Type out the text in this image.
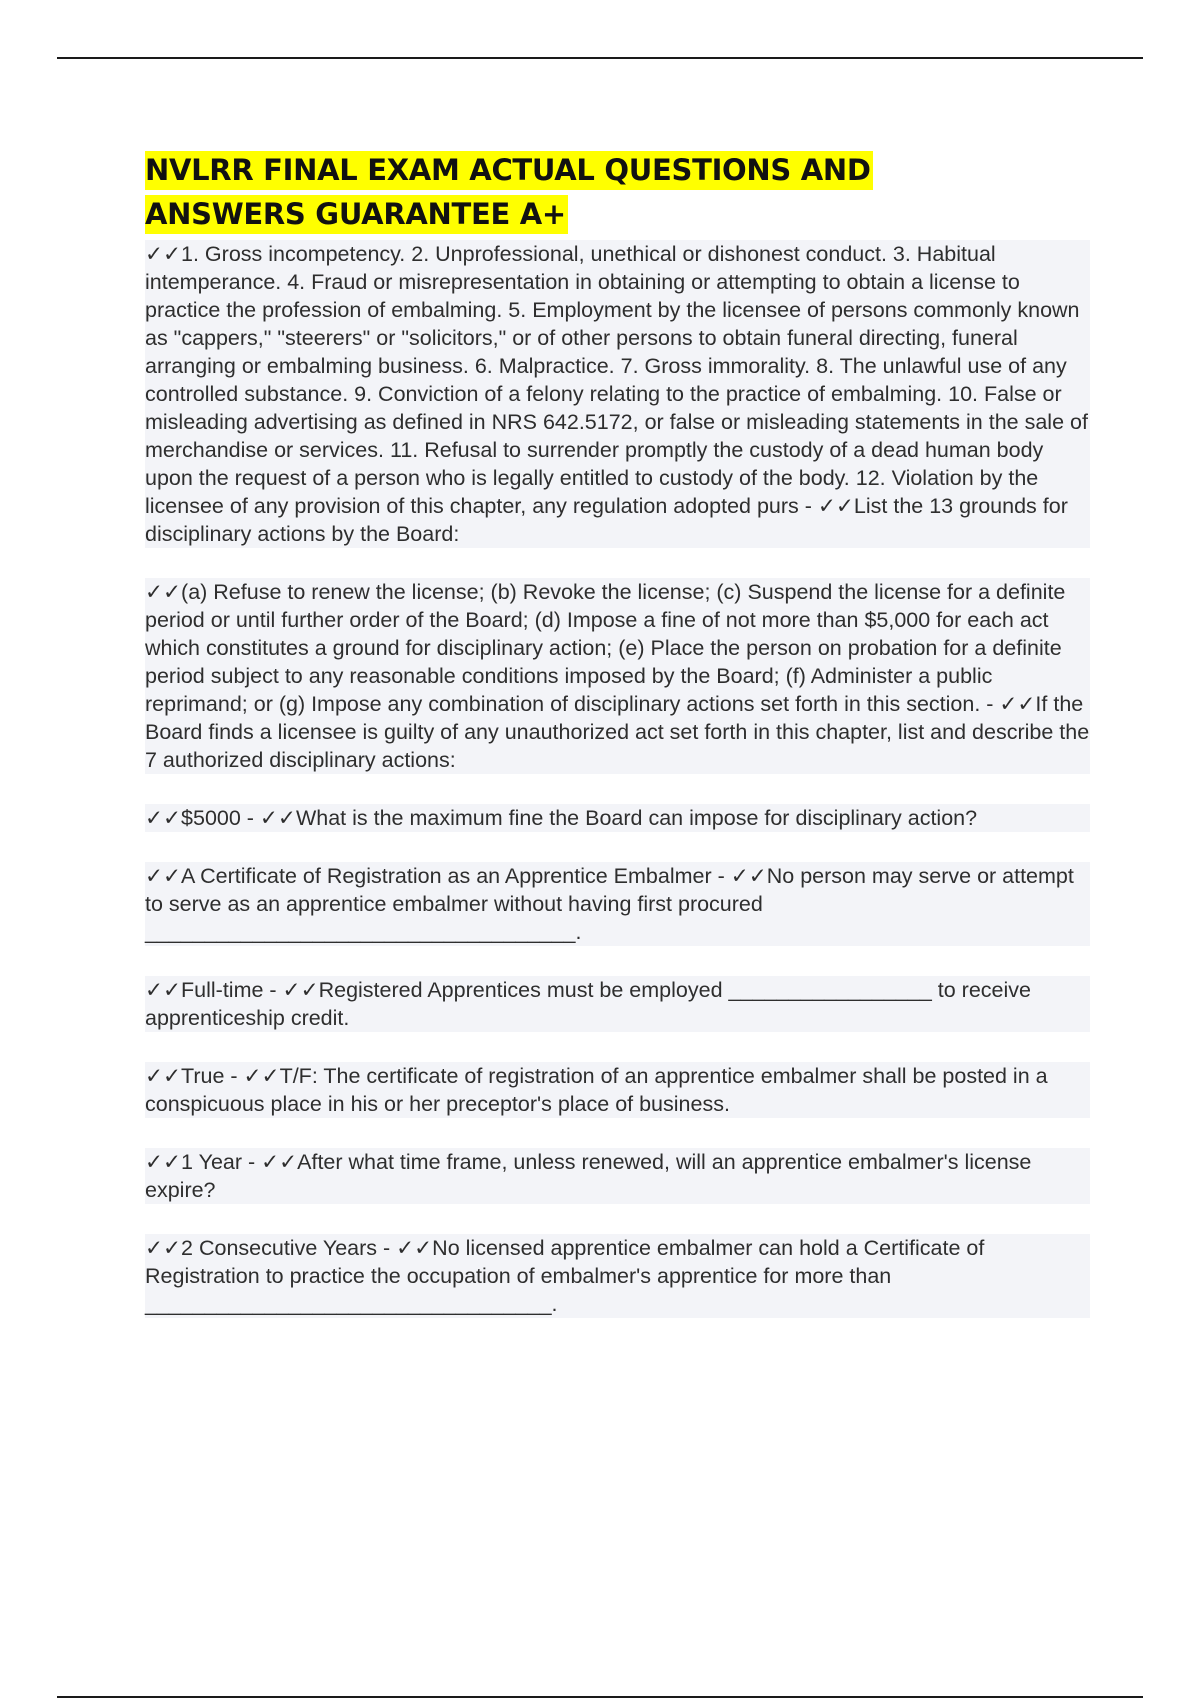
NVLRR FINAL EXAM ACTUAL QUESTIONS AND
ANSWERS GUARANTEE A+

✓✓1. Gross incompetency. 2. Unprofessional, unethical or dishonest conduct. 3. Habitual intemperance. 4. Fraud or misrepresentation in obtaining or attempting to obtain a license to practice the profession of embalming. 5. Employment by the licensee of persons commonly known as "cappers," "steerers" or "solicitors," or of other persons to obtain funeral directing, funeral arranging or embalming business. 6. Malpractice. 7. Gross immorality. 8. The unlawful use of any controlled substance. 9. Conviction of a felony relating to the practice of embalming. 10. False or misleading advertising as defined in NRS 642.5172, or false or misleading statements in the sale of merchandise or services. 11. Refusal to surrender promptly the custody of a dead human body upon the request of a person who is legally entitled to custody of the body. 12. Violation by the licensee of any provision of this chapter, any regulation adopted purs - ✓✓List the 13 grounds for disciplinary actions by the Board:

✓✓(a) Refuse to renew the license; (b) Revoke the license; (c) Suspend the license for a definite period or until further order of the Board; (d) Impose a fine of not more than $5,000 for each act which constitutes a ground for disciplinary action; (e) Place the person on probation for a definite period subject to any reasonable conditions imposed by the Board; (f) Administer a public reprimand; or (g) Impose any combination of disciplinary actions set forth in this section. - ✓✓If the Board finds a licensee is guilty of any unauthorized act set forth in this chapter, list and describe the 7 authorized disciplinary actions:

✓✓$5000 - ✓✓What is the maximum fine the Board can impose for disciplinary action?

✓✓A Certificate of Registration as an Apprentice Embalmer - ✓✓No person may serve or attempt to serve as an apprentice embalmer without having first procured ____________________________________.

✓✓Full-time - ✓✓Registered Apprentices must be employed _________________ to receive apprenticeship credit.

✓✓True - ✓✓T/F: The certificate of registration of an apprentice embalmer shall be posted in a conspicuous place in his or her preceptor's place of business.

✓✓1 Year - ✓✓After what time frame, unless renewed, will an apprentice embalmer's license expire?

✓✓2 Consecutive Years - ✓✓No licensed apprentice embalmer can hold a Certificate of Registration to practice the occupation of embalmer's apprentice for more than __________________________________.
